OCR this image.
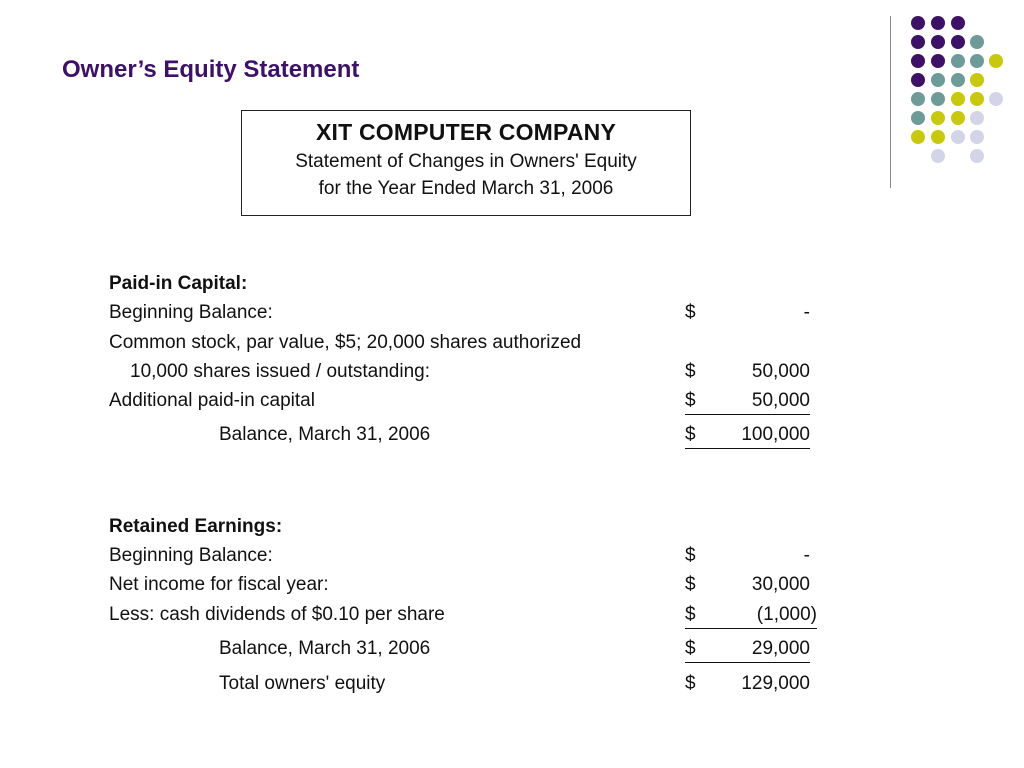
Owner’s Equity Statement
XIT COMPUTER COMPANY
Statement of Changes in Owners' Equity
for the Year Ended March 31, 2006
Paid-in Capital:
Beginning Balance:	$	-
Common stock, par value, $5; 20,000 shares authorized
10,000 shares issued / outstanding:	$	50,000
Additional paid-in capital	$	50,000
Balance, March 31, 2006	$	100,000
Retained Earnings:
Beginning Balance:	$	-
Net income for fiscal year:	$	30,000
Less: cash dividends of $0.10 per share	$	(1,000)
Balance, March 31, 2006	$	29,000
Total owners' equity	$	129,000
